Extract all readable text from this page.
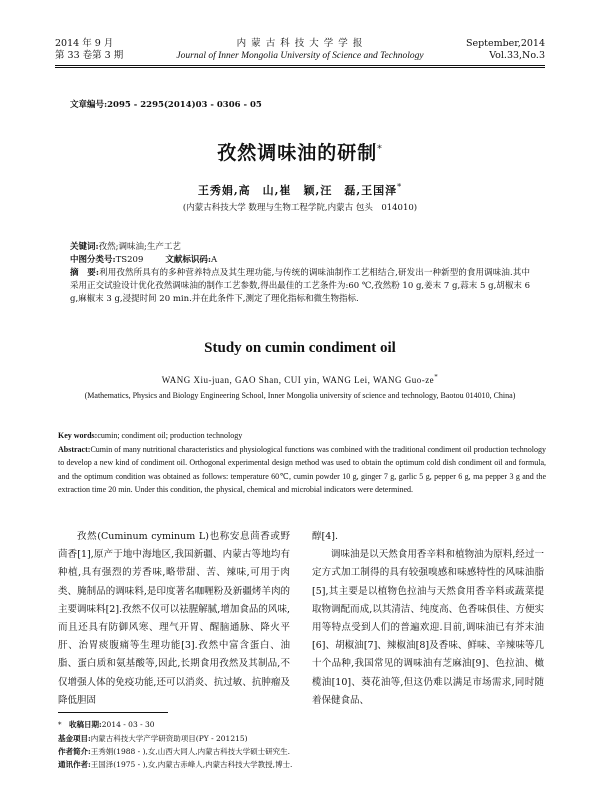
2014 年 9 月
第 33 卷第 3 期
内 蒙 古 科 技 大 学 学 报
Journal of Inner Mongolia University of Science and Technology
September,2014
Vol.33,No.3
文章编号:2095 - 2295(2014)03 - 0306 - 05
孜然调味油的研制*
王秀娟,高　山,崔　颖,汪　磊,王国泽*
(内蒙古科技大学 数理与生物工程学院,内蒙古 包头　014010)
关键词:孜然;调味油;生产工艺
中图分类号:TS209	文献标识码:A
摘　要:利用孜然所具有的多种营养特点及其生理功能,与传统的调味油制作工艺相结合,研发出一种新型的食用调味油.其中采用正交试验设计优化孜然调味油的制作工艺参数,得出最佳的工艺条件为:60 ℃,孜然粉 10 g,姜末 7 g,蒜末 5 g,胡椒末 6 g,麻椒末 3 g,浸提时间 20 min.并在此条件下,测定了理化指标和微生物指标.
Study on cumin condiment oil
WANG Xiu-juan, GAO Shan, CUI yin, WANG Lei, WANG Guo-ze*
(Mathematics, Physics and Biology Engineering School, Inner Mongolia university of science and technology, Baotou 014010, China)
Key words:cumin; condiment oil; production technology
Abstract:Cumin of many nutritional characteristics and physiological functions was combined with the traditional condiment oil production technology to develop a new kind of condiment oil. Orthogonal experimental design method was used to obtain the optimum cold dish condiment oil and formula, and the optimum condition was obtained as follows: temperature 60℃, cumin powder 10 g, ginger 7 g, garlic 5 g, pepper 6 g, ma pepper 3 g and the extraction time 20 min. Under this condition, the physical, chemical and microbial indicators were determined.

孜然(Cuminum cyminum L)也称安息茴香或野茴香[1],原产于地中海地区,我国新疆、内蒙古等地均有种植,具有强烈的芳香味,略带甜、苦、辣味,可用于肉类、腌制品的调味料,是印度著名咖喱粉及新疆烤羊肉的主要调味料[2].孜然不仅可以祛腥解腻,增加食品的风味,而且还具有防御风寒、理气开胃、醒脑通脉、降火平肝、治胃痰腹痛等生理功能[3].孜然中富含蛋白、油脂、蛋白质和氨基酸等,因此,长期食用孜然及其制品,不仅增强人体的免疫功能,还可以消炎、抗过敏、抗肿瘤及降低胆固

醇[4].

调味油是以天然食用香辛料和植物油为原料,经过一定方式加工制得的具有较强嗅感和味感特性的风味油脂[5],其主要是以植物色拉油与天然食用香辛料或蔬菜提取物调配而成,以其清洁、纯度高、色香味俱佳、方便实用等特点受到人们的普遍欢迎.目前,调味油已有芥末油[6]、胡椒油[7]、辣椒油[8]及香味、鲜味、辛辣味等几十个品种,我国常见的调味油有芝麻油[9]、色拉油、橄榄油[10]、葵花油等,但这仍难以满足市场需求,同时随着保健食品、

*　 收稿日期:2014 - 03 - 30
基金项目:内蒙古科技大学产学研资助项目(PY - 201215)
作者简介:王秀娟(1988 - ),女,山西大同人,内蒙古科技大学硕士研究生.
通讯作者:王国泽(1975 - ),女,内蒙古赤峰人,内蒙古科技大学教授,博士.
